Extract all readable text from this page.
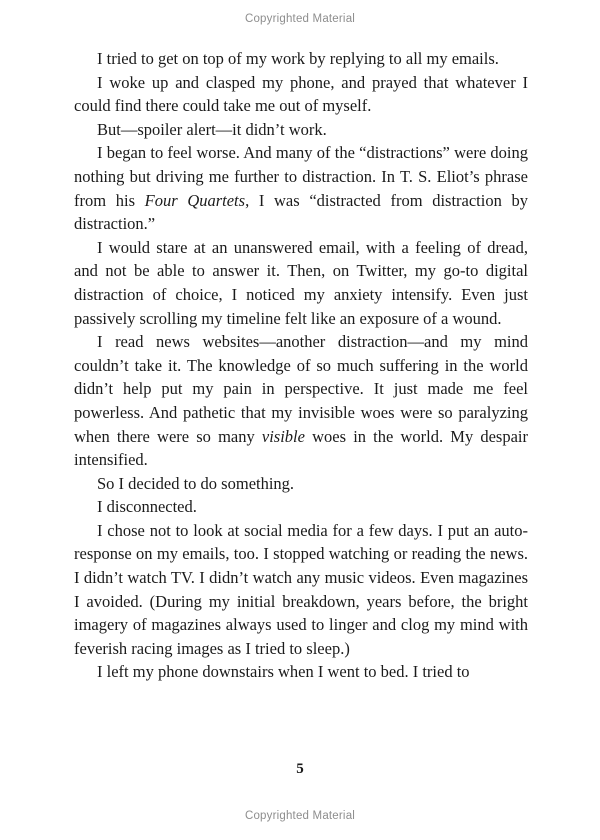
Copyrighted Material

I tried to get on top of my work by replying to all my emails.

I woke up and clasped my phone, and prayed that whatever I could find there could take me out of myself.

But—spoiler alert—it didn’t work.

I began to feel worse. And many of the “distractions” were doing nothing but driving me further to distraction. In T. S. Eliot’s phrase from his Four Quartets, I was “distracted from distraction by distraction.”

I would stare at an unanswered email, with a feeling of dread, and not be able to answer it. Then, on Twitter, my go-to digital distraction of choice, I noticed my anxiety intensify. Even just passively scrolling my timeline felt like an exposure of a wound.

I read news websites—another distraction—and my mind couldn’t take it. The knowledge of so much suffering in the world didn’t help put my pain in perspective. It just made me feel powerless. And pathetic that my invisible woes were so paralyzing when there were so many visible woes in the world. My despair intensified.

So I decided to do something.

I disconnected.

I chose not to look at social media for a few days. I put an auto-response on my emails, too. I stopped watching or reading the news. I didn’t watch TV. I didn’t watch any music videos. Even magazines I avoided. (During my initial breakdown, years before, the bright imagery of magazines always used to linger and clog my mind with feverish racing images as I tried to sleep.)

I left my phone downstairs when I went to bed. I tried to

5
Copyrighted Material
